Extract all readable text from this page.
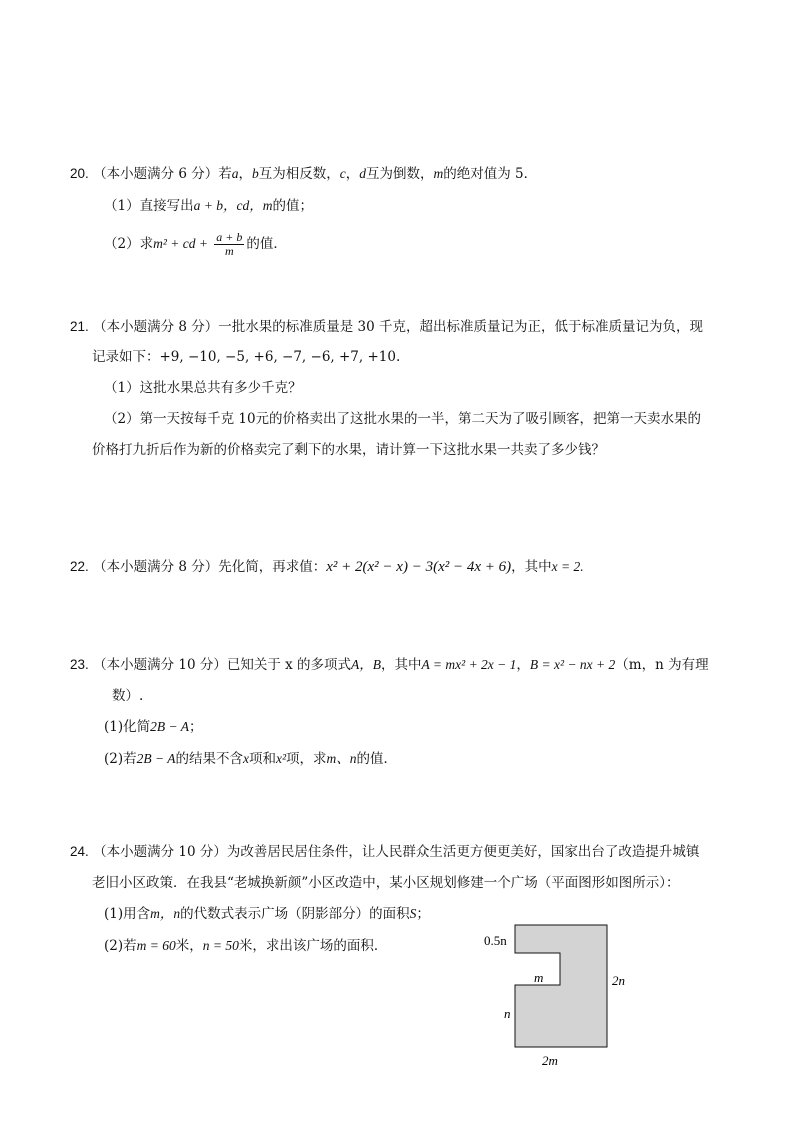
20. （本小题满分 6 分）若a，b互为相反数，c，d互为倒数，m的绝对值为 5．
（1）直接写出a + b，cd，m的值；
（2）求m² + cd + $\frac{a + b}{m}$ 的值．
21. （本小题满分 8 分）一批水果的标准质量是 30 千克，超出标准质量记为正，低于标准质量记为负，现
记录如下：+9, −10, −5, +6, −7, −6, +7, +10.
（1）这批水果总共有多少千克？
（2）第一天按每千克 10元的价格卖出了这批水果的一半，第二天为了吸引顾客，把第一天卖水果的
价格打九折后作为新的价格卖完了剩下的水果，请计算一下这批水果一共卖了多少钱？
22. （本小题满分 8 分）先化简，再求值：x² + 2(x² − x) − 3(x² − 4x + 6)，其中x = 2.
23. （本小题满分 10 分）已知关于 x 的多项式A，B，其中A = mx² + 2x − 1，B = x² − nx + 2（m，n 为有理
数）.
(1)化简2B − A；
(2)若2B − A的结果不含x项和x²项，求m、n的值．
24. （本小题满分 10 分）为改善居民居住条件，让人民群众生活更方便更美好，国家出台了改造提升城镇
老旧小区政策．在我县“老城换新颜”小区改造中，某小区规划修建一个广场（平面图形如图所示）：
(1)用含m，n的代数式表示广场（阴影部分）的面积S；
(2)若m = 60米，n = 50米，求出该广场的面积．	0.5n
m	2n
n
2m
